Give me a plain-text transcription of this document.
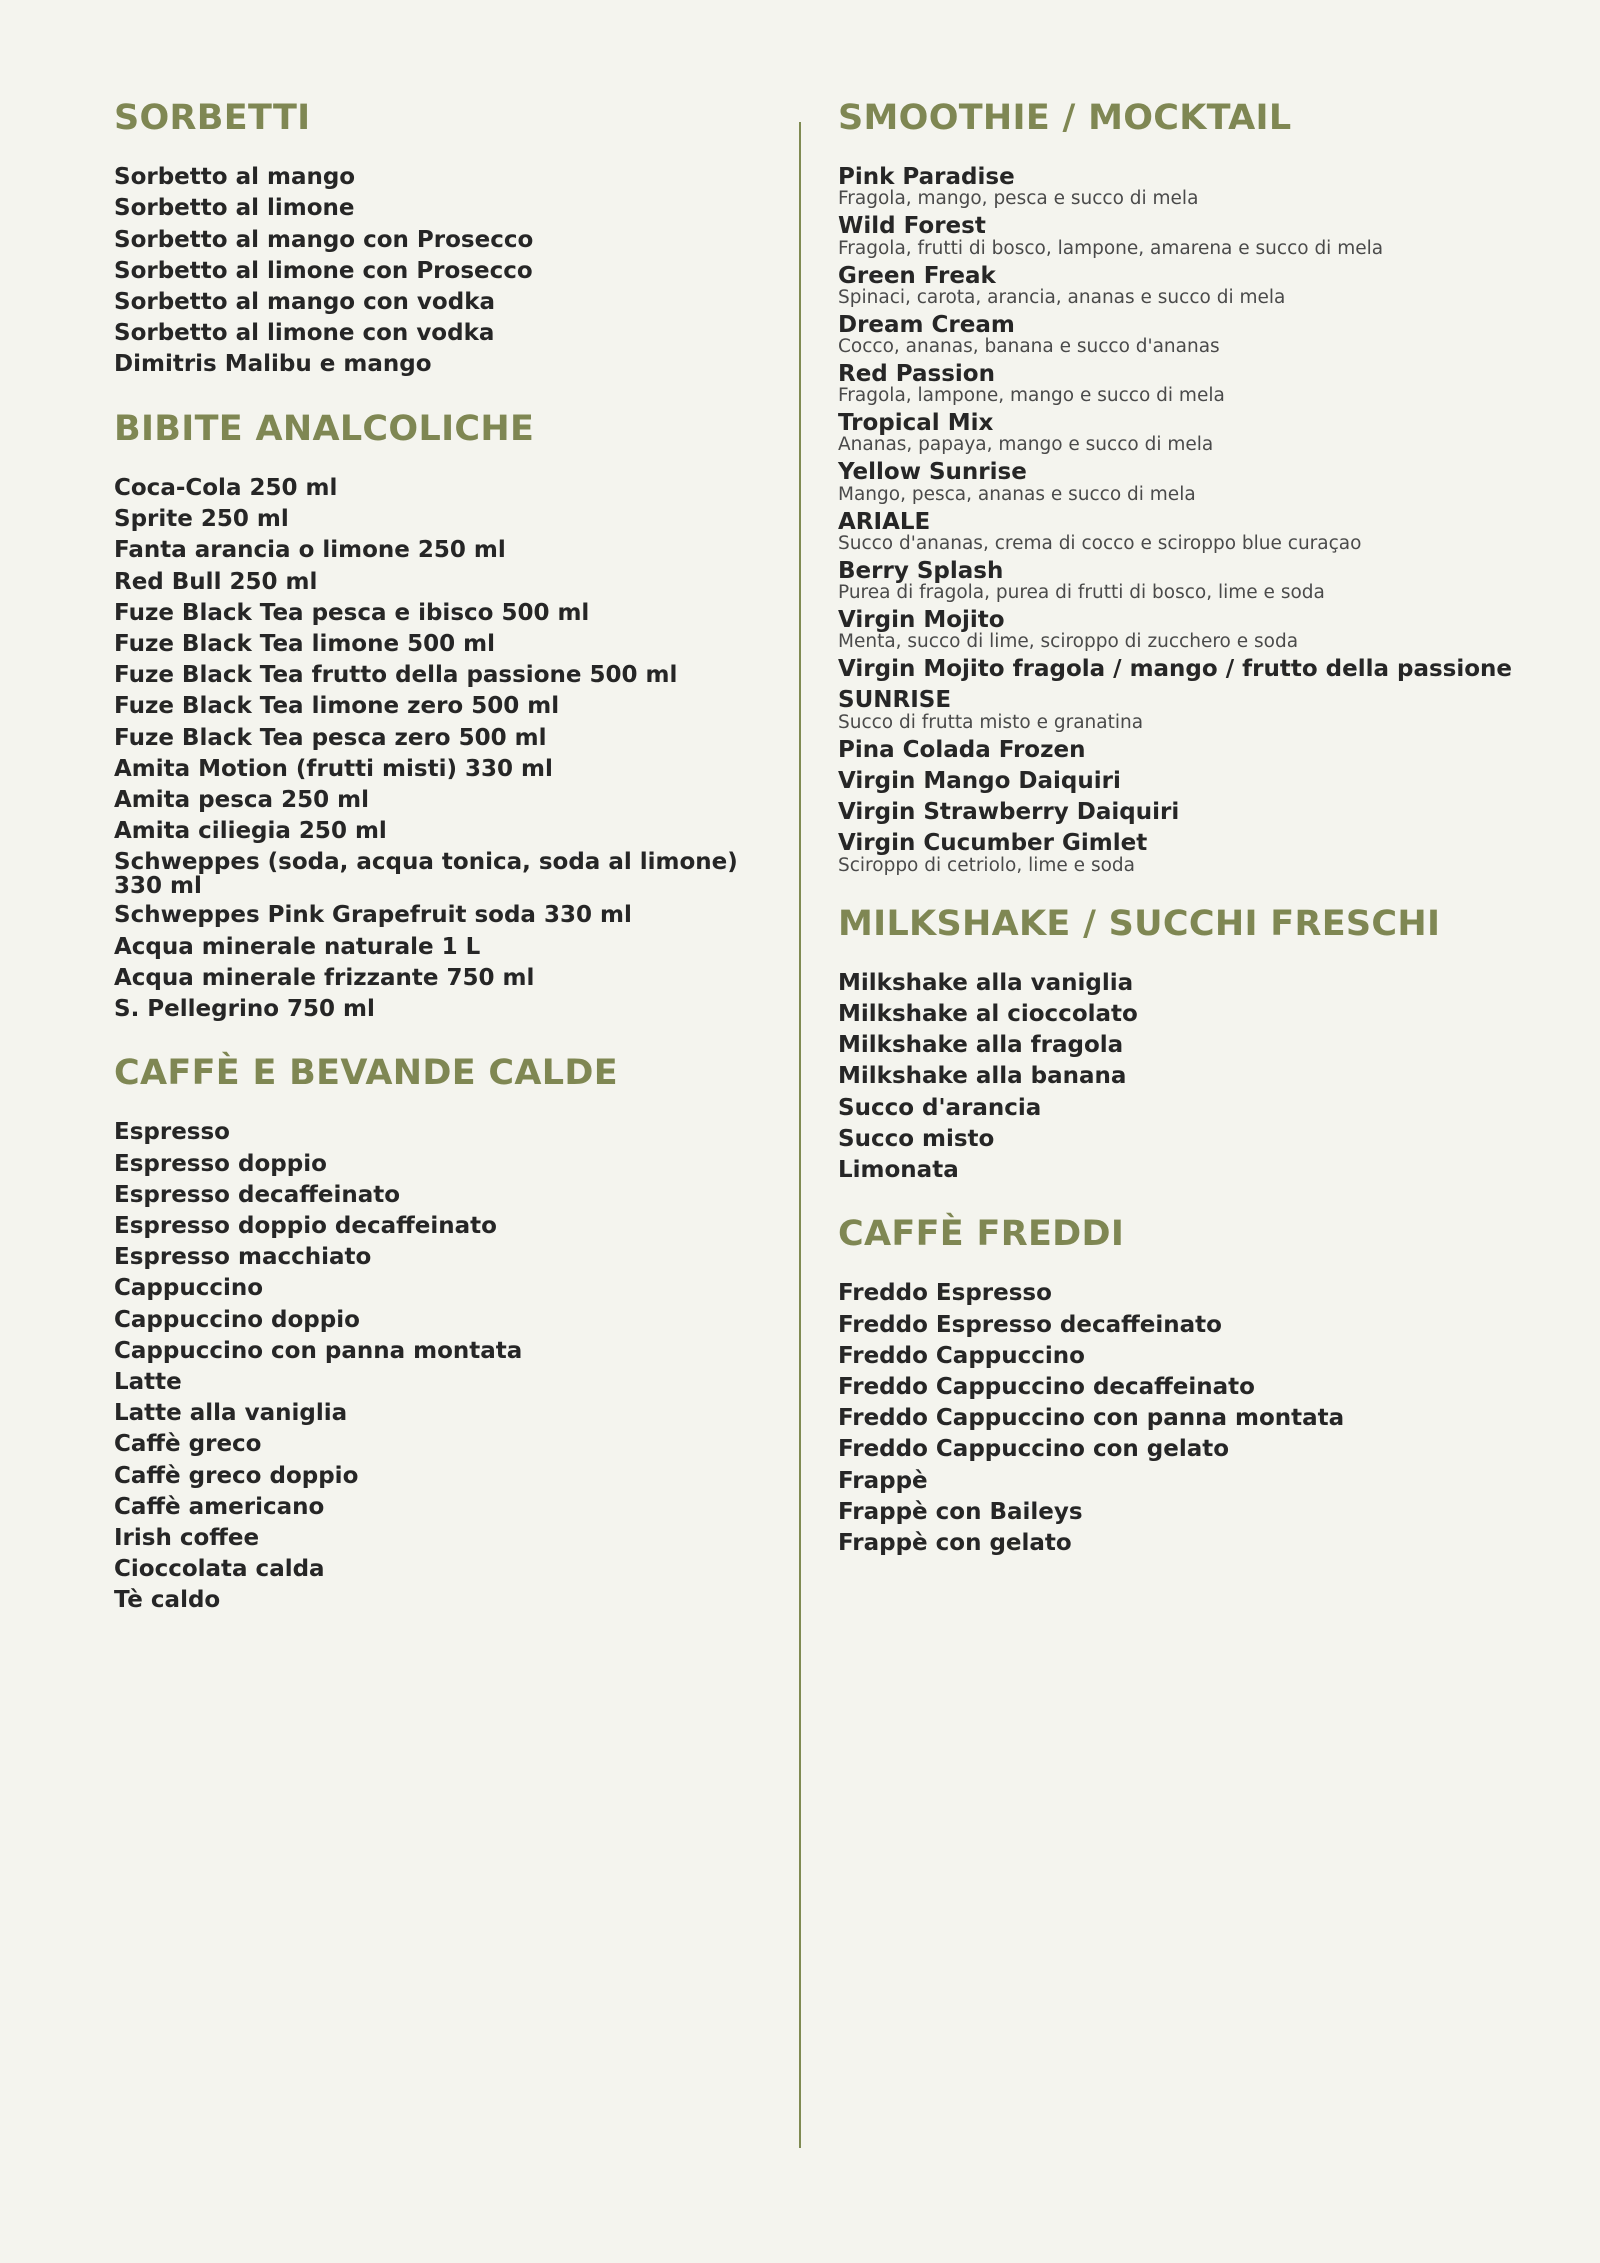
SORBETTI
Sorbetto al mango
Sorbetto al limone
Sorbetto al mango con Prosecco
Sorbetto al limone con Prosecco
Sorbetto al mango con vodka
Sorbetto al limone con vodka
Dimitris Malibu e mango
BIBITE ANALCOLICHE
Coca-Cola 250 ml
Sprite 250 ml
Fanta arancia o limone 250 ml
Red Bull 250 ml
Fuze Black Tea pesca e ibisco 500 ml
Fuze Black Tea limone 500 ml
Fuze Black Tea frutto della passione 500 ml
Fuze Black Tea limone zero 500 ml
Fuze Black Tea pesca zero 500 ml
Amita Motion (frutti misti) 330 ml
Amita pesca 250 ml
Amita ciliegia 250 ml
Schweppes (soda, acqua tonica, soda al limone) 330 ml
Schweppes Pink Grapefruit soda 330 ml
Acqua minerale naturale 1 L
Acqua minerale frizzante 750 ml
S. Pellegrino 750 ml
CAFFÈ E BEVANDE CALDE
Espresso
Espresso doppio
Espresso decaffeinato
Espresso doppio decaffeinato
Espresso macchiato
Cappuccino
Cappuccino doppio
Cappuccino con panna montata
Latte
Latte alla vaniglia
Caffè greco
Caffè greco doppio
Caffè americano
Irish coffee
Cioccolata calda
Tè caldo
SMOOTHIE / MOCKTAIL
Pink Paradise
Fragola, mango, pesca e succo di mela
Wild Forest
Fragola, frutti di bosco, lampone, amarena e succo di mela
Green Freak
Spinaci, carota, arancia, ananas e succo di mela
Dream Cream
Cocco, ananas, banana e succo d'ananas
Red Passion
Fragola, lampone, mango e succo di mela
Tropical Mix
Ananas, papaya, mango e succo di mela
Yellow Sunrise
Mango, pesca, ananas e succo di mela
ARIALE
Succo d'ananas, crema di cocco e sciroppo blue curaçao
Berry Splash
Purea di fragola, purea di frutti di bosco, lime e soda
Virgin Mojito
Menta, succo di lime, sciroppo di zucchero e soda
Virgin Mojito fragola / mango / frutto della passione
SUNRISE
Succo di frutta misto e granatina
Pina Colada Frozen
Virgin Mango Daiquiri
Virgin Strawberry Daiquiri
Virgin Cucumber Gimlet
Sciroppo di cetriolo, lime e soda
MILKSHAKE / SUCCHI FRESCHI
Milkshake alla vaniglia
Milkshake al cioccolato
Milkshake alla fragola
Milkshake alla banana
Succo d'arancia
Succo misto
Limonata
CAFFÈ FREDDI
Freddo Espresso
Freddo Espresso decaffeinato
Freddo Cappuccino
Freddo Cappuccino decaffeinato
Freddo Cappuccino con panna montata
Freddo Cappuccino con gelato
Frappè
Frappè con Baileys
Frappè con gelato
